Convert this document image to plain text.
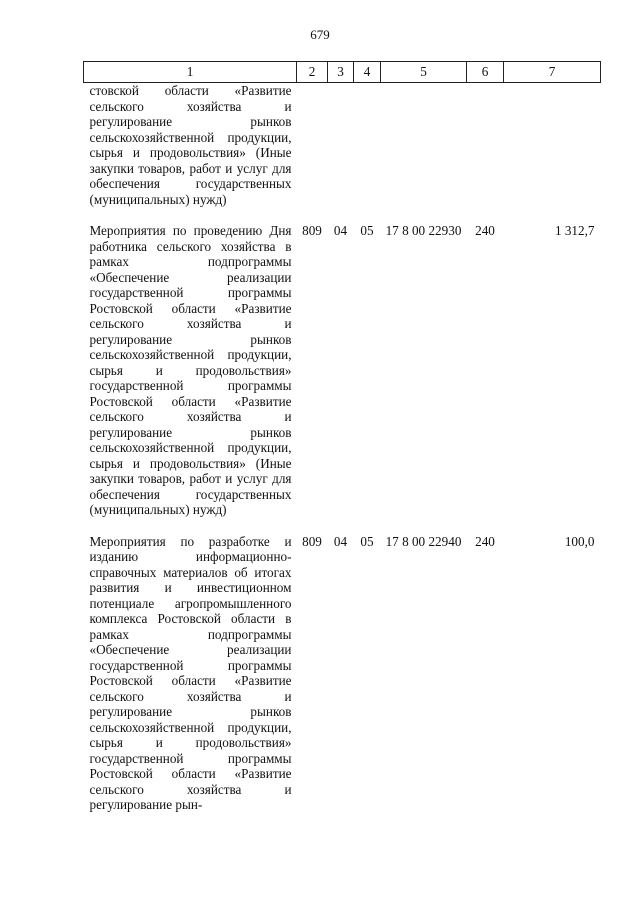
679
1	2	3	4	5	6	7
стовской области «Развитие сельского хозяйства и регулирование рынков сельскохозяйственной продукции, сырья и продовольствия» (Иные закупки товаров, работ и услуг для обеспечения государственных (муниципальных) нужд)						

Мероприятия по проведению Дня работника сельского хозяйства в рамках подпрограммы «Обеспечение реализации государственной программы Ростовской области «Развитие сельского хозяйства и регулирование рынков сельскохозяйственной продукции, сырья и продовольствия» государственной программы Ростовской области «Развитие сельского хозяйства и регулирование рынков сельскохозяйственной продукции, сырья и продовольствия» (Иные закупки товаров, работ и услуг для обеспечения государственных (муниципальных) нужд)	809	04	05	17 8 00 22930	240	1 312,7

Мероприятия по разработке и изданию информационно-справочных материалов об итогах развития и инвестиционном потенциале агропромышленного комплекса Ростовской области в рамках подпрограммы «Обеспечение реализации государственной программы Ростовской области «Развитие сельского хозяйства и регулирование рынков сельскохозяйственной продукции, сырья и продовольствия» государственной программы Ростовской области «Развитие сельского хозяйства и регулирование рын-	809	04	05	17 8 00 22940	240	100,0
